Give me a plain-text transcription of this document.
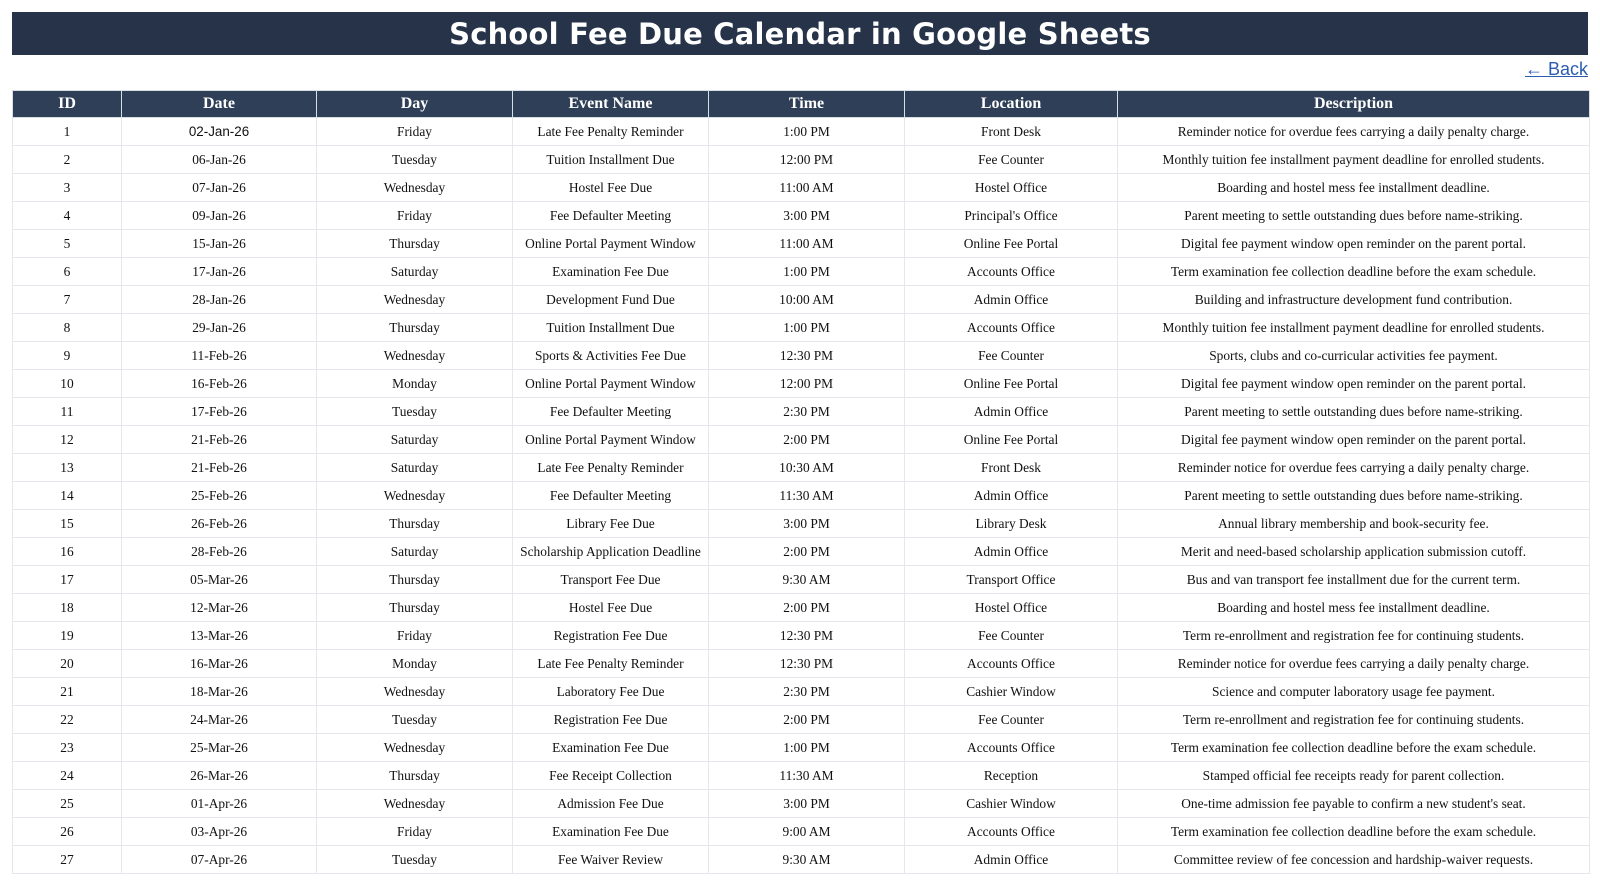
School Fee Due Calendar in Google Sheets
← Back
ID	Date	Day	Event Name	Time	Location	Description
1	02-Jan-26	Friday	Late Fee Penalty Reminder	1:00 PM	Front Desk	Reminder notice for overdue fees carrying a daily penalty charge.
2	06-Jan-26	Tuesday	Tuition Installment Due	12:00 PM	Fee Counter	Monthly tuition fee installment payment deadline for enrolled students.
3	07-Jan-26	Wednesday	Hostel Fee Due	11:00 AM	Hostel Office	Boarding and hostel mess fee installment deadline.
4	09-Jan-26	Friday	Fee Defaulter Meeting	3:00 PM	Principal's Office	Parent meeting to settle outstanding dues before name-striking.
5	15-Jan-26	Thursday	Online Portal Payment Window	11:00 AM	Online Fee Portal	Digital fee payment window open reminder on the parent portal.
6	17-Jan-26	Saturday	Examination Fee Due	1:00 PM	Accounts Office	Term examination fee collection deadline before the exam schedule.
7	28-Jan-26	Wednesday	Development Fund Due	10:00 AM	Admin Office	Building and infrastructure development fund contribution.
8	29-Jan-26	Thursday	Tuition Installment Due	1:00 PM	Accounts Office	Monthly tuition fee installment payment deadline for enrolled students.
9	11-Feb-26	Wednesday	Sports & Activities Fee Due	12:30 PM	Fee Counter	Sports, clubs and co-curricular activities fee payment.
10	16-Feb-26	Monday	Online Portal Payment Window	12:00 PM	Online Fee Portal	Digital fee payment window open reminder on the parent portal.
11	17-Feb-26	Tuesday	Fee Defaulter Meeting	2:30 PM	Admin Office	Parent meeting to settle outstanding dues before name-striking.
12	21-Feb-26	Saturday	Online Portal Payment Window	2:00 PM	Online Fee Portal	Digital fee payment window open reminder on the parent portal.
13	21-Feb-26	Saturday	Late Fee Penalty Reminder	10:30 AM	Front Desk	Reminder notice for overdue fees carrying a daily penalty charge.
14	25-Feb-26	Wednesday	Fee Defaulter Meeting	11:30 AM	Admin Office	Parent meeting to settle outstanding dues before name-striking.
15	26-Feb-26	Thursday	Library Fee Due	3:00 PM	Library Desk	Annual library membership and book-security fee.
16	28-Feb-26	Saturday	Scholarship Application Deadline	2:00 PM	Admin Office	Merit and need-based scholarship application submission cutoff.
17	05-Mar-26	Thursday	Transport Fee Due	9:30 AM	Transport Office	Bus and van transport fee installment due for the current term.
18	12-Mar-26	Thursday	Hostel Fee Due	2:00 PM	Hostel Office	Boarding and hostel mess fee installment deadline.
19	13-Mar-26	Friday	Registration Fee Due	12:30 PM	Fee Counter	Term re-enrollment and registration fee for continuing students.
20	16-Mar-26	Monday	Late Fee Penalty Reminder	12:30 PM	Accounts Office	Reminder notice for overdue fees carrying a daily penalty charge.
21	18-Mar-26	Wednesday	Laboratory Fee Due	2:30 PM	Cashier Window	Science and computer laboratory usage fee payment.
22	24-Mar-26	Tuesday	Registration Fee Due	2:00 PM	Fee Counter	Term re-enrollment and registration fee for continuing students.
23	25-Mar-26	Wednesday	Examination Fee Due	1:00 PM	Accounts Office	Term examination fee collection deadline before the exam schedule.
24	26-Mar-26	Thursday	Fee Receipt Collection	11:30 AM	Reception	Stamped official fee receipts ready for parent collection.
25	01-Apr-26	Wednesday	Admission Fee Due	3:00 PM	Cashier Window	One-time admission fee payable to confirm a new student's seat.
26	03-Apr-26	Friday	Examination Fee Due	9:00 AM	Accounts Office	Term examination fee collection deadline before the exam schedule.
27	07-Apr-26	Tuesday	Fee Waiver Review	9:30 AM	Admin Office	Committee review of fee concession and hardship-waiver requests.
